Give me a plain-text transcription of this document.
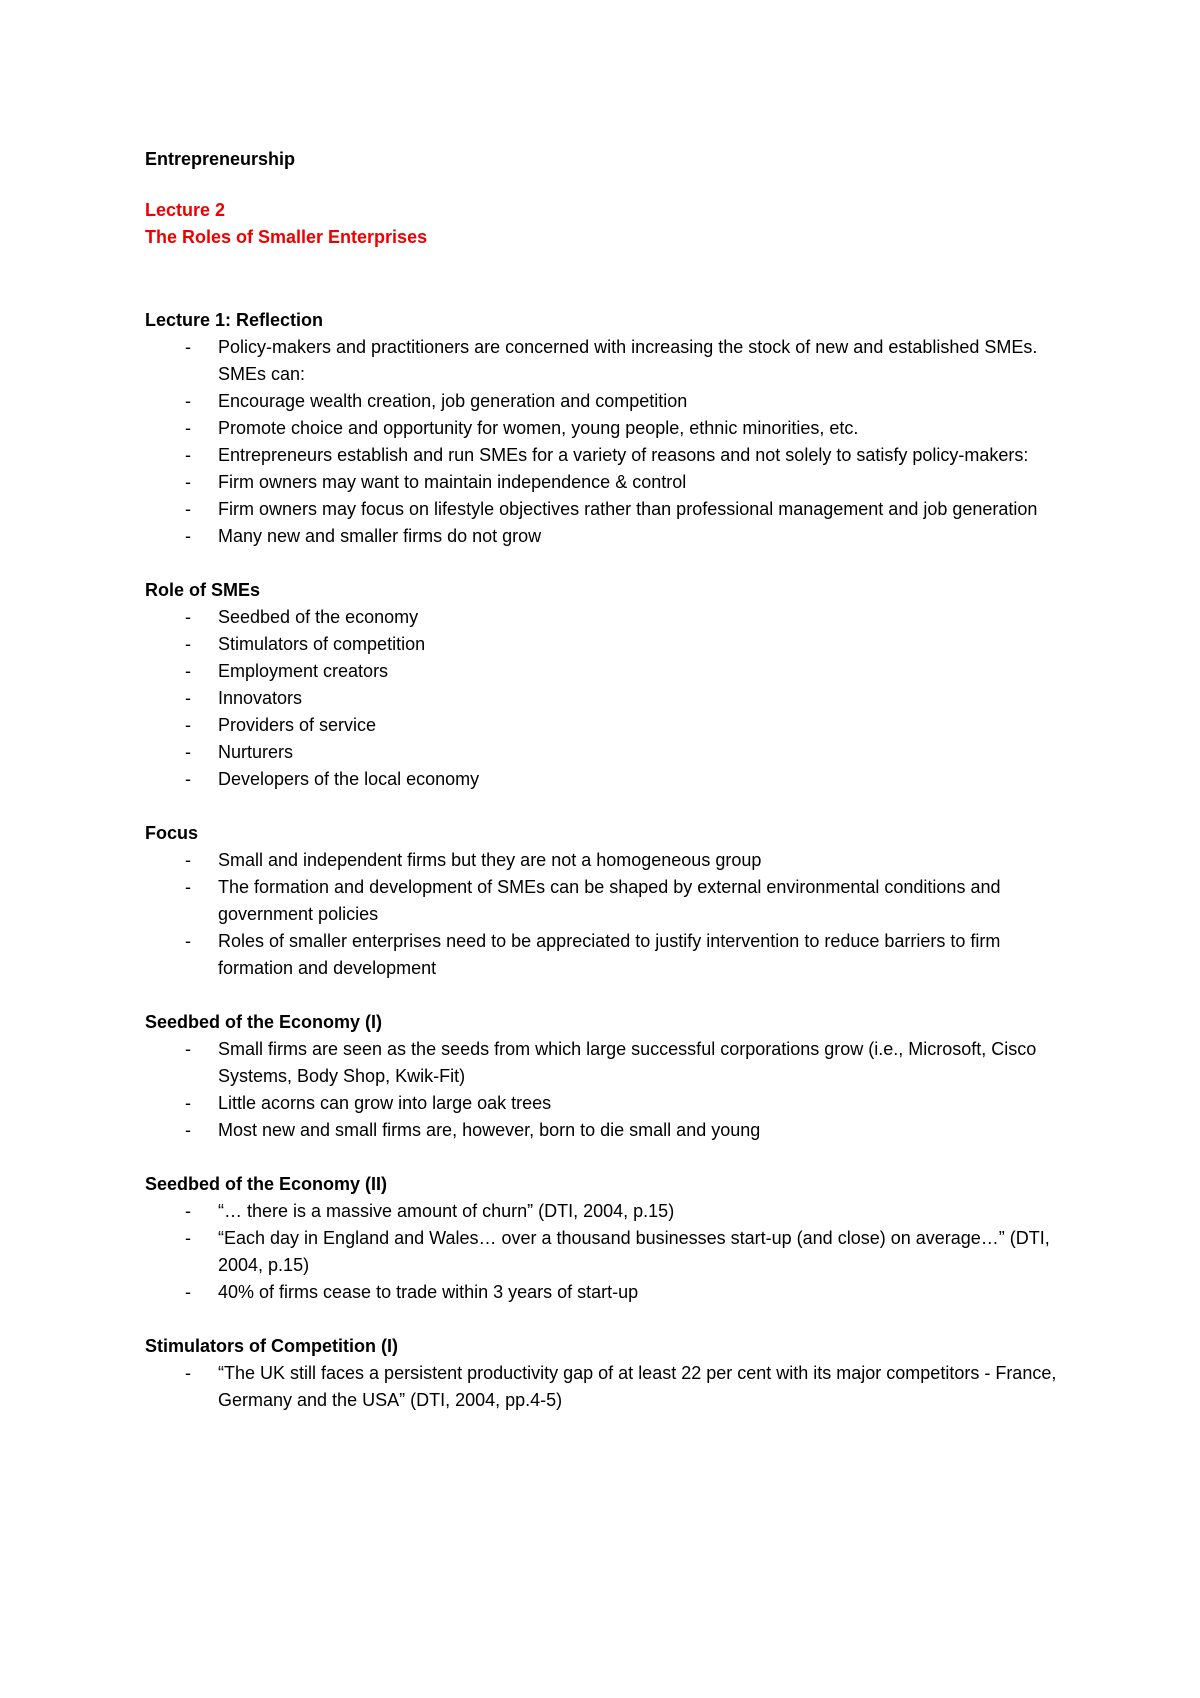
Entrepreneurship
Lecture 2
The Roles of Smaller Enterprises
Lecture 1: Reflection
- Policy-makers and practitioners are concerned with increasing the stock of new and established SMEs. SMEs can:
- Encourage wealth creation, job generation and competition
- Promote choice and opportunity for women, young people, ethnic minorities, etc.
- Entrepreneurs establish and run SMEs for a variety of reasons and not solely to satisfy policy-makers:
- Firm owners may want to maintain independence & control
- Firm owners may focus on lifestyle objectives rather than professional management and job generation
- Many new and smaller firms do not grow
Role of SMEs
- Seedbed of the economy
- Stimulators of competition
- Employment creators
- Innovators
- Providers of service
- Nurturers
- Developers of the local economy
Focus
- Small and independent firms but they are not a homogeneous group
- The formation and development of SMEs can be shaped by external environmental conditions and government policies
- Roles of smaller enterprises need to be appreciated to justify intervention to reduce barriers to firm formation and development
Seedbed of the Economy (I)
- Small firms are seen as the seeds from which large successful corporations grow (i.e., Microsoft, Cisco Systems, Body Shop, Kwik-Fit)
- Little acorns can grow into large oak trees
- Most new and small firms are, however, born to die small and young
Seedbed of the Economy (II)
- “… there is a massive amount of churn” (DTI, 2004, p.15)
- “Each day in England and Wales… over a thousand businesses start-up (and close) on average…” (DTI, 2004, p.15)
- 40% of firms cease to trade within 3 years of start-up
Stimulators of Competition (I)
- “The UK still faces a persistent productivity gap of at least 22 per cent with its major competitors - France, Germany and the USA” (DTI, 2004, pp.4-5)
